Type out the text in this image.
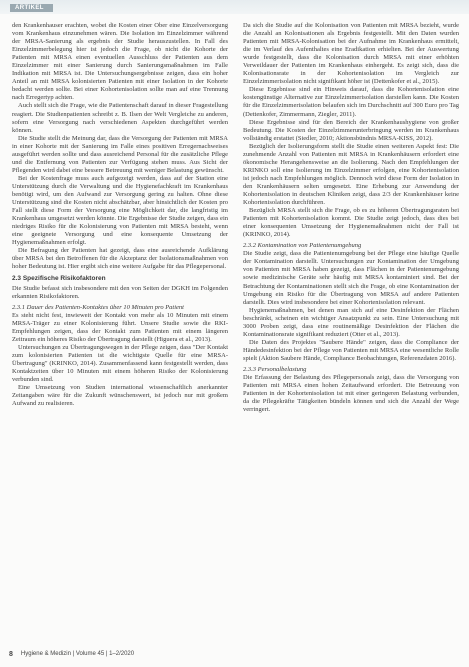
ARTIKEL

den Krankenhauser erachten, wobei die Kosten einer Ober eine Einzelversorgung vom Krankenhaus einzunehmen wären. Die Isolation im Einzelzimmer während der MRSA-Sanierung als ergebnis der Studie herauszustellen. In Fall des Einzelzimmerbelegung hier ist jedoch die Frage, ob nicht die Kohorte der Patienten mit MRSA einen eventuellen Ausschluss der Patienten aus dem Einzelzimmer mit einer Sanierung durch Sanierungsmaßnahmen im Falle Indikation mit MRSA ist. Die Untersuchungsergebnisse zeigen, dass ein hoher Anteil an mit MRSA kolonisierten Patienten mit einer Isolation in der Kohorte bedacht werden sollte. Bei einer Kohortenisolation sollte man auf eine Trennung nach Erregertyp achten.

Auch stellt sich die Frage, wie die Patientenschaft darauf in dieser Fragestellung reagiert. Die Studienpatienten schreibt z. B. Ilsen der Welt Vergleiche zu anderen, sofern eine Versorgung nach verschiedenen Aspekten durchgeführt werden können.

Die Studie stellt die Meinung dar, dass die Versorgung der Patienten mit MRSA in einer Kohorte mit der Sanierung im Falle eines positiven Erregernachweises ausgeführt werden sollte und dass ausreichend Personal für die zusätzliche Pflege und die Entfernung von Patienten zur Verfügung stehen muss. Aus Sicht der Pflegenden wird dabei eine bessere Betreuung mit weniger Belastung gewünscht.

Bei der Kostenfrage muss auch aufgezeigt werden, dass auf der Station eine Unterstützung durch die Verwaltung und die Hygienefachkraft im Krankenhaus benötigt wird, um den Aufwand zur Versorgung gering zu halten. Ohne diese Unterstützung sind die Kosten nicht abschätzbar, aber hinsichtlich der Kosten pro Fall stellt diese Form der Versorgung eine Möglichkeit dar, die langfristig im Krankenhaus umgesetzt werden könnte. Die Ergebnisse der Studie zeigen, dass ein niedriges Risiko für die Kolonisierung von Patienten mit MRSA besteht, wenn eine geeignete Versorgung und eine konsequente Umsetzung der Hygienemaßnahmen erfolgt.

Die Befragung der Patienten hat gezeigt, dass eine ausreichende Aufklärung über MRSA bei den Betroffenen für die Akzeptanz der Isolationsmaßnahmen von hoher Bedeutung ist. Hier ergibt sich eine weitere Aufgabe für das Pflegepersonal.

2.3 Spezifische Risikofaktoren

Die Studie befasst sich insbesondere mit den von Seiten der DGKH im Folgenden erkannten Risikofaktoren.

2.3.1 Dauer des Patienten-Kontaktes über 10 Minuten pro Patient

Es steht nicht fest, inwieweit der Kontakt von mehr als 10 Minuten mit einem MRSA-Träger zu einer Kolonisierung führt. Unsere Studie sowie die RKI-Empfehlungen zeigen, dass der Kontakt zum Patienten mit einem längeren Zeitraum ein höheres Risiko der Übertragung darstellt (Higuera et al., 2013).

Untersuchungen zu Übertragungswegen in der Pflege zeigen, dass "Der Kontakt zum kolonisierten Patienten ist die wichtigste Quelle für eine MRSA-Übertragung" (KRINKO, 2014). Zusammenfassend kann festgestellt werden, dass Kontaktzeiten über 10 Minuten mit einem höheren Risiko der Kolonisierung verbunden sind.

Eine Umsetzung von Studien international wissenschaftlich anerkannter Zeitangaben wäre für die Zukunft wünschenswert, ist jedoch nur mit großem Aufwand zu realisieren.

Da sich die Studie auf die Kolonisation von Patienten mit MRSA bezieht, wurde die Anzahl an Kolonisationen als Ergebnis festgestellt. Mit den Daten wurden Patienten mit MRSA-Kolonisation bei der Aufnahme im Krankenhaus ermittelt, die im Verlauf des Aufenthaltes eine Eradikation erhielten. Bei der Auswertung wurde festgestellt, dass die Kolonisation durch MRSA mit einer erhöhten Verweildauer der Patienten im Krankenhaus einhergeht. Es zeigt sich, dass die Kolonisationsrate in der Kohortenisolation im Vergleich zur Einzelzimmerisolation nicht signifikant höher ist (Dettenkofer et al., 2015).

Diese Ergebnisse sind ein Hinweis darauf, dass die Kohortenisolation eine kostengünstige Alternative zur Einzelzimmerisolation darstellen kann. Die Kosten für die Einzelzimmerisolation belaufen sich im Durchschnitt auf 300 Euro pro Tag (Dettenkofer, Zimmermann, Ziegler, 2011).

Diese Ergebnisse sind für den Bereich der Krankenhaushygiene von großer Bedeutung. Die Kosten der Einzelzimmerunterbringung werden im Krankenhaus vollständig erstattet (Siedler, 2010; Aktionsbündnis MRSA-KISS, 2012).

Bezüglich der Isolierungsform stellt die Studie einen weiteren Aspekt fest: Die zunehmende Anzahl von Patienten mit MRSA in Krankenhäusern erfordert eine ökonomische Herangehensweise an die Isolierung. Nach den Empfehlungen der KRINKO soll eine Isolierung im Einzelzimmer erfolgen, eine Kohortenisolation ist jedoch nach Empfehlungen möglich. Dennoch wird diese Form der Isolation in den Krankenhäusern selten umgesetzt. Eine Erhebung zur Anwendung der Kohortenisolation in deutschen Kliniken zeigt, dass 2/3 der Krankenhäuser keine Kohortenisolation durchführen.

Bezüglich MRSA stellt sich die Frage, ob es zu höheren Übertragungsraten bei Patienten mit Kohortenisolation kommt. Die Studie zeigt jedoch, dass dies bei einer konsequenten Umsetzung der Hygienemaßnahmen nicht der Fall ist (KRINKO, 2014).

2.3.2 Kontamination von Patientenumgebung

Die Studie zeigt, dass die Patientenumgebung bei der Pflege eine häufige Quelle der Kontamination darstellt. Untersuchungen zur Kontamination der Umgebung von Patienten mit MRSA haben gezeigt, dass Flächen in der Patientenumgebung sowie medizinische Geräte sehr häufig mit MRSA kontaminiert sind. Bei der Betrachtung der Kontaminationen stellt sich die Frage, ob eine Kontamination der Umgebung ein Risiko für die Übertragung von MRSA auf andere Patienten darstellt. Dies wird insbesondere bei einer Kohortenisolation relevant.

Hygienemaßnahmen, bei denen man sich auf eine Desinfektion der Flächen beschränkt, scheinen ein wichtiger Ansatzpunkt zu sein. Eine Untersuchung mit 3000 Proben zeigt, dass eine routinemäßige Desinfektion der Flächen die Kontaminationsrate signifikant reduziert (Otter et al., 2013).

Die Daten des Projektes "Saubere Hände" zeigen, dass die Compliance der Händedesinfektion bei der Pflege von Patienten mit MRSA eine wesentliche Rolle spielt (Aktion Saubere Hände, Compliance Beobachtungen, Referenzdaten 2016).

2.3.3 Personalbelastung

Die Erfassung der Belastung des Pflegepersonals zeigt, dass die Versorgung von Patienten mit MRSA einen hohen Zeitaufwand erfordert. Die Betreuung von Patienten in der Kohortenisolation ist mit einer geringeren Belastung verbunden, da die Pflegekräfte Tätigkeiten bündeln können und sich die Anzahl der Wege verringert.

8 Hygiene & Medizin | Volume 45 | 1–2/2020
